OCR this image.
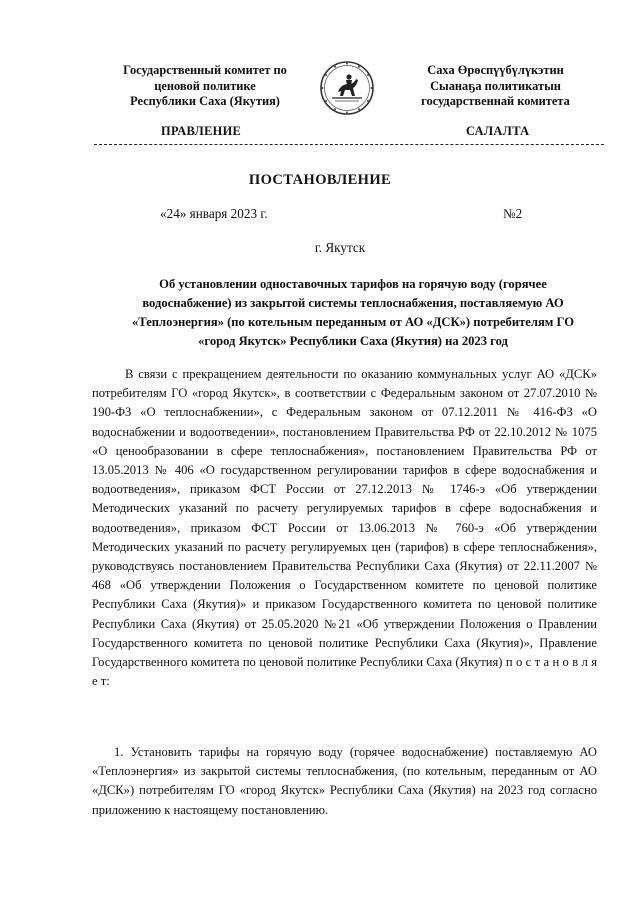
Государственный комитет по
ценовой политике
Республики Саха (Якутия)
Саха Өрөспүүбүлүкэтин
Сыанаҕа политикатын
государственнай комитета
ПРАВЛЕНИЕ	САЛАЛТА
ПОСТАНОВЛЕНИЕ
«24» января 2023 г.	№2
г. Якутск
Об установлении одноставочных тарифов на горячую воду (горячее
водоснабжение) из закрытой системы теплоснабжения, поставляемую АО
«Теплоэнергия» (по котельным переданным от АО «ДСК») потребителям ГО
«город Якутск» Республики Саха (Якутия) на 2023 год
В связи с прекращением деятельности по оказанию коммунальных услуг АО «ДСК» потребителям ГО «город Якутск», в соответствии с Федеральным законом от 27.07.2010 № 190-ФЗ «О теплоснабжении», с Федеральным законом от 07.12.2011 № 416-ФЗ «О водоснабжении и водоотведении», постановлением Правительства РФ от 22.10.2012 № 1075 «О ценообразовании в сфере теплоснабжения», постановлением Правительства РФ от 13.05.2013 № 406 «О государственном регулировании тарифов в сфере водоснабжения и водоотведения», приказом ФСТ России от 27.12.2013 № 1746-э «Об утверждении Методических указаний по расчету регулируемых тарифов в сфере водоснабжения и водоотведения», приказом ФСТ России от 13.06.2013 № 760-э «Об утверждении Методических указаний по расчету регулируемых цен (тарифов) в сфере теплоснабжения», руководствуясь постановлением Правительства Республики Саха (Якутия) от 22.11.2007 № 468 «Об утверждении Положения о Государственном комитете по ценовой политике Республики Саха (Якутия)» и приказом Государственного комитета по ценовой политике Республики Саха (Якутия) от 25.05.2020 №21 «Об утверждении Положения о Правлении Государственного комитета по ценовой политике Республики Саха (Якутия)», Правление Государственного комитета по ценовой политике Республики Саха (Якутия) п о с т а н о в л я е т:
1. Установить тарифы на горячую воду (горячее водоснабжение) поставляемую АО «Теплоэнергия» из закрытой системы теплоснабжения, (по котельным, переданным от АО «ДСК») потребителям ГО «город Якутск» Республики Саха (Якутия) на 2023 год согласно приложению к настоящему постановлению.
